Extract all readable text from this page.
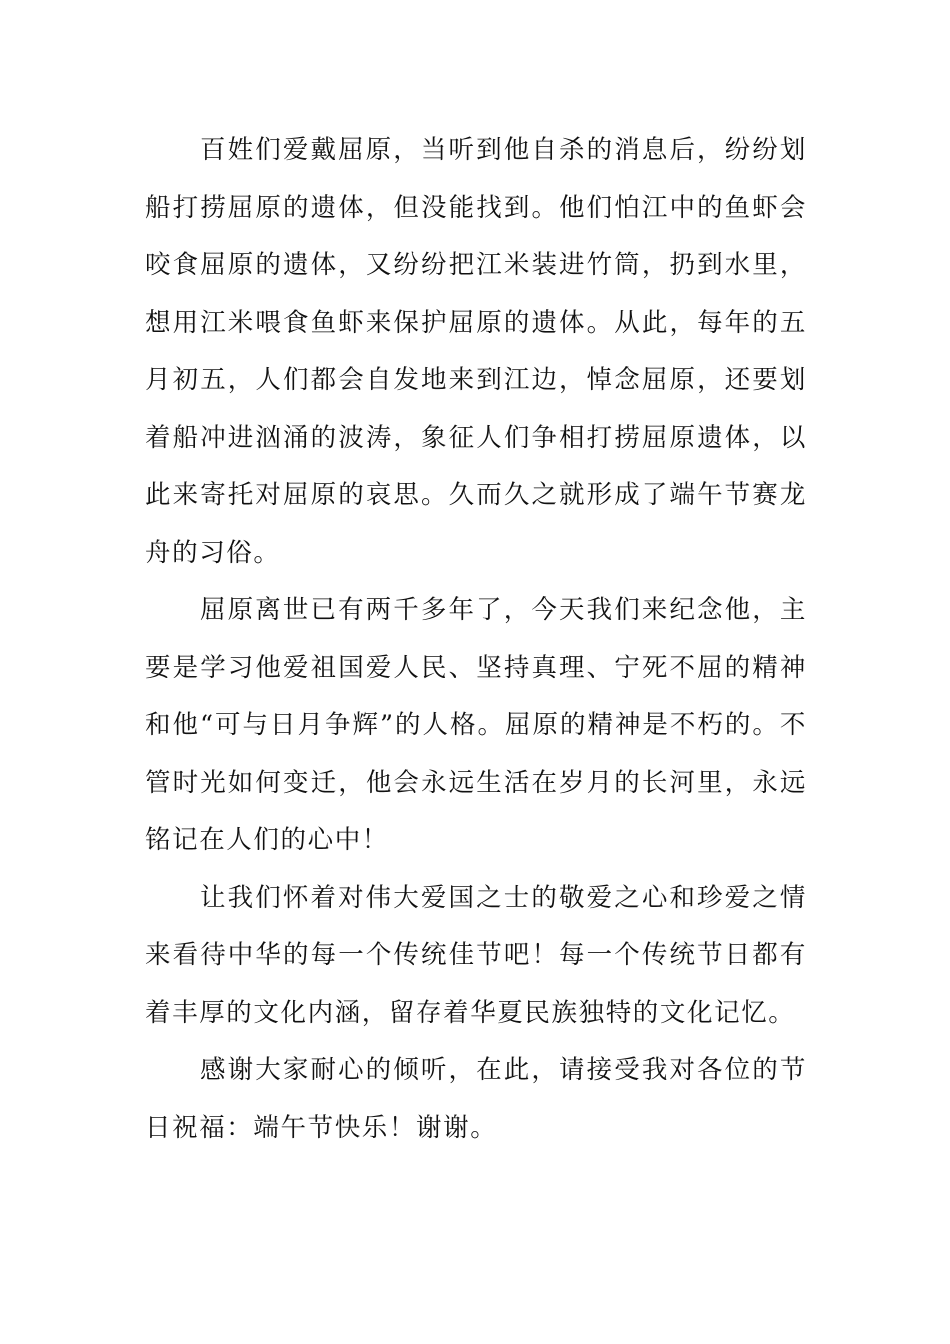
百姓们爱戴屈原，当听到他自杀的消息后，纷纷划船打捞屈原的遗体，但没能找到。他们怕江中的鱼虾会咬食屈原的遗体，又纷纷把江米装进竹筒，扔到水里，想用江米喂食鱼虾来保护屈原的遗体。从此，每年的五月初五，人们都会自发地来到江边，悼念屈原，还要划着船冲进汹涌的波涛，象征人们争相打捞屈原遗体，以此来寄托对屈原的哀思。久而久之就形成了端午节赛龙舟的习俗。

屈原离世已有两千多年了，今天我们来纪念他，主要是学习他爱祖国爱人民、坚持真理、宁死不屈的精神和他“可与日月争辉”的人格。屈原的精神是不朽的。不管时光如何变迁，他会永远生活在岁月的长河里，永远铭记在人们的心中！

让我们怀着对伟大爱国之士的敬爱之心和珍爱之情来看待中华的每一个传统佳节吧！每一个传统节日都有着丰厚的文化内涵，留存着华夏民族独特的文化记忆。

感谢大家耐心的倾听，在此，请接受我对各位的节日祝福：端午节快乐！谢谢。
